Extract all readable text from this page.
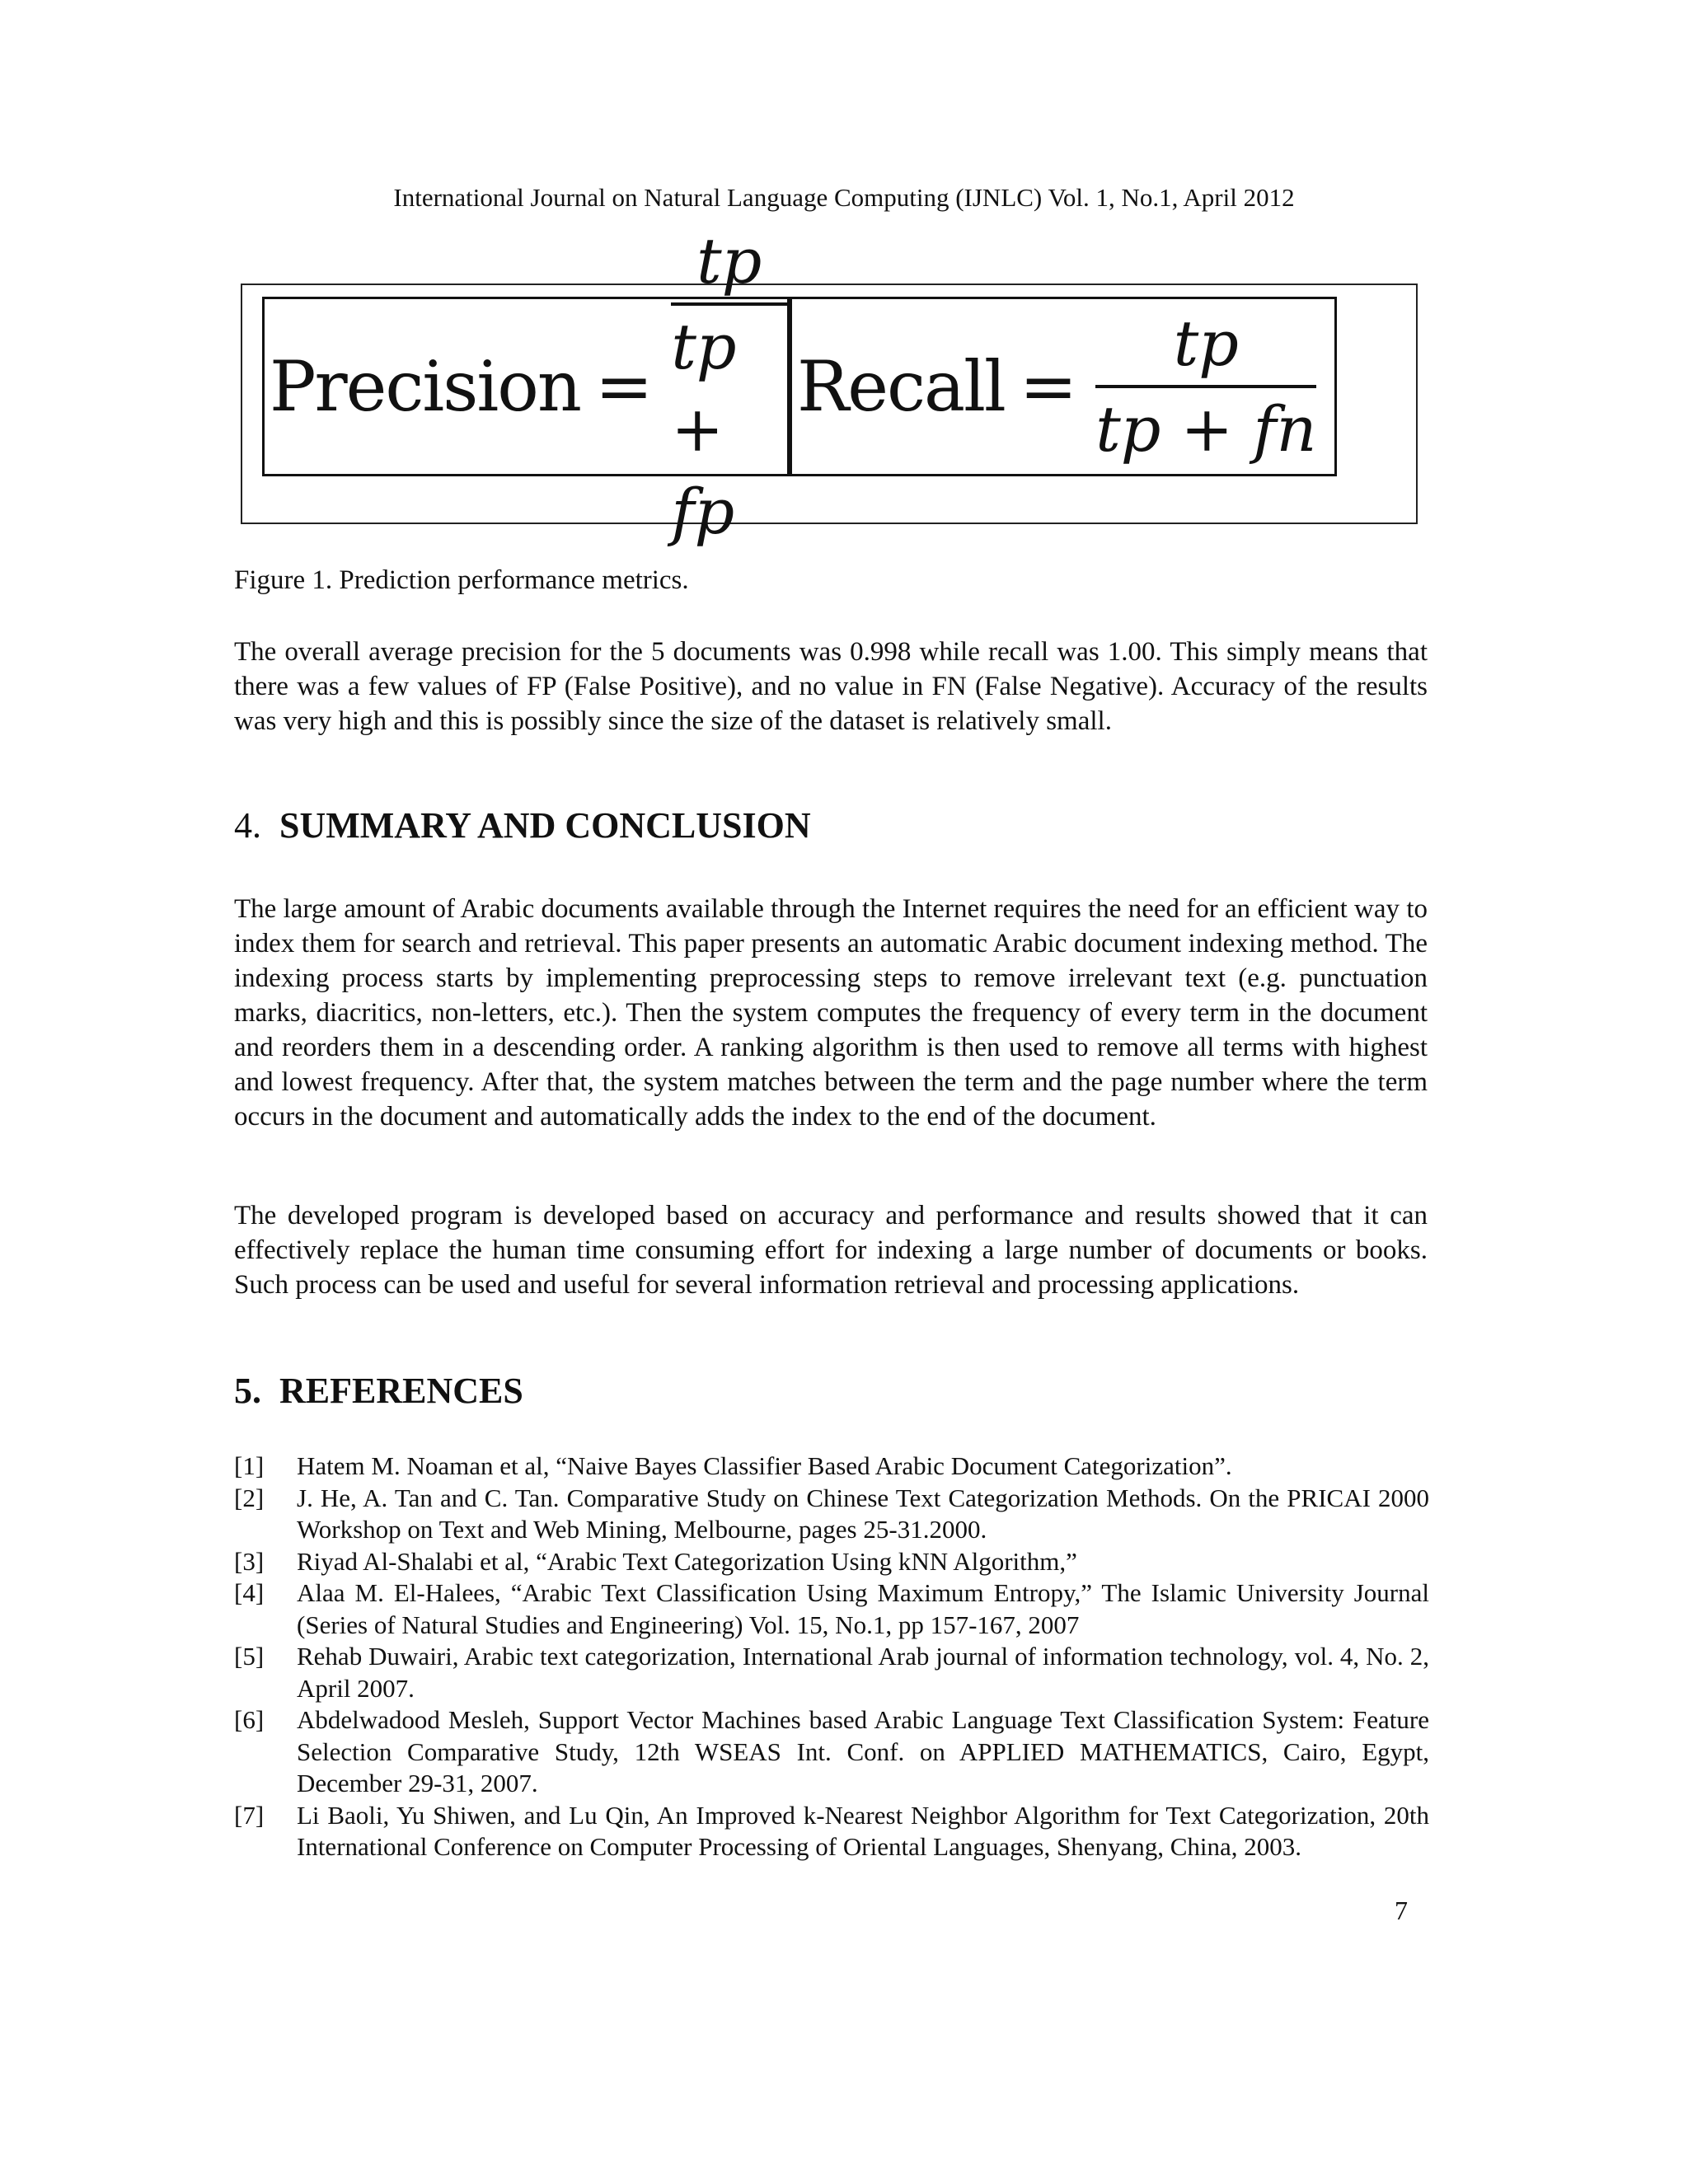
International Journal on Natural Language Computing (IJNLC) Vol. 1, No.1, April 2012
Precision = $\frac{tp}{tp + fp}$ Recall = $\frac{tp}{tp + fn}$
Figure 1. Prediction performance metrics.
The overall average precision for the 5 documents was 0.998 while recall was 1.00. This simply means that there was a few values of FP (False Positive), and no value in FN (False Negative). Accuracy of the results was very high and this is possibly since the size of the dataset is relatively small.
4. SUMMARY AND CONCLUSION
The large amount of Arabic documents available through the Internet requires the need for an efficient way to index them for search and retrieval. This paper presents an automatic Arabic document indexing method. The indexing process starts by implementing preprocessing steps to remove irrelevant text (e.g. punctuation marks, diacritics, non-letters, etc.). Then the system computes the frequency of every term in the document and reorders them in a descending order. A ranking algorithm is then used to remove all terms with highest and lowest frequency. After that, the system matches between the term and the page number where the term occurs in the document and automatically adds the index to the end of the document.
The developed program is developed based on accuracy and performance and results showed that it can effectively replace the human time consuming effort for indexing a large number of documents or books. Such process can be used and useful for several information retrieval and processing applications.
5. REFERENCES
[1]	Hatem M. Noaman et al, “Naive Bayes Classifier Based Arabic Document Categorization”.
[2]	J. He, A. Tan and C. Tan. Comparative Study on Chinese Text Categorization Methods. On the PRICAI 2000 Workshop on Text and Web Mining, Melbourne, pages 25-31.2000.
[3]	Riyad Al-Shalabi et al, “Arabic Text Categorization Using kNN Algorithm,”
[4]	Alaa M. El-Halees, “Arabic Text Classification Using Maximum Entropy,” The Islamic University Journal (Series of Natural Studies and Engineering) Vol. 15, No.1, pp 157-167, 2007
[5]	Rehab Duwairi, Arabic text categorization, International Arab journal of information technology, vol. 4, No. 2, April 2007.
[6]	Abdelwadood Mesleh, Support Vector Machines based Arabic Language Text Classification System: Feature Selection Comparative Study, 12th WSEAS Int. Conf. on APPLIED MATHEMATICS, Cairo, Egypt, December 29-31, 2007.
[7]	Li Baoli, Yu Shiwen, and Lu Qin, An Improved k-Nearest Neighbor Algorithm for Text Categorization, 20th International Conference on Computer Processing of Oriental Languages, Shenyang, China, 2003.
7
